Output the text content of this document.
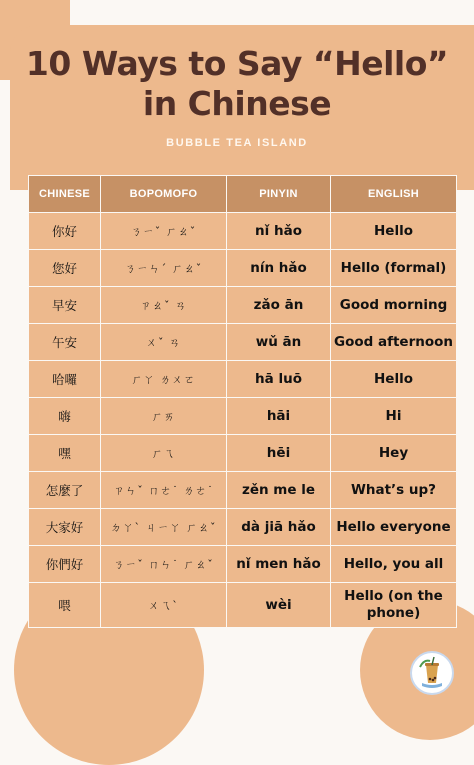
10 Ways to Say “Hello”
in Chinese
BUBBLE TEA ISLAND
CHINESE	BOPOMOFO	PINYIN	ENGLISH
你好	ㄋㄧˇ ㄏㄠˇ	nǐ hǎo	Hello
您好	ㄋㄧㄣˊ ㄏㄠˇ	nín hǎo	Hello (formal)
早安	ㄗㄠˇ ㄢ	zǎo ān	Good morning
午安	ㄨˇ ㄢ	wǔ ān	Good afternoon
哈囉	ㄏㄚ ㄌㄨㄛ	hā luō	Hello
嗨	ㄏㄞ	hāi	Hi
嘿	ㄏㄟ	hēi	Hey
怎麼了	ㄗㄣˇ ㄇㄜ˙ ㄌㄜ˙	zěn me le	What’s up?
大家好	ㄉㄚˋ ㄐㄧㄚ ㄏㄠˇ	dà jiā hǎo	Hello everyone
你們好	ㄋㄧˇ ㄇㄣ˙ ㄏㄠˇ	nǐ men hǎo	Hello, you all
喂	ㄨㄟˋ	wèi	Hello (on the phone)
